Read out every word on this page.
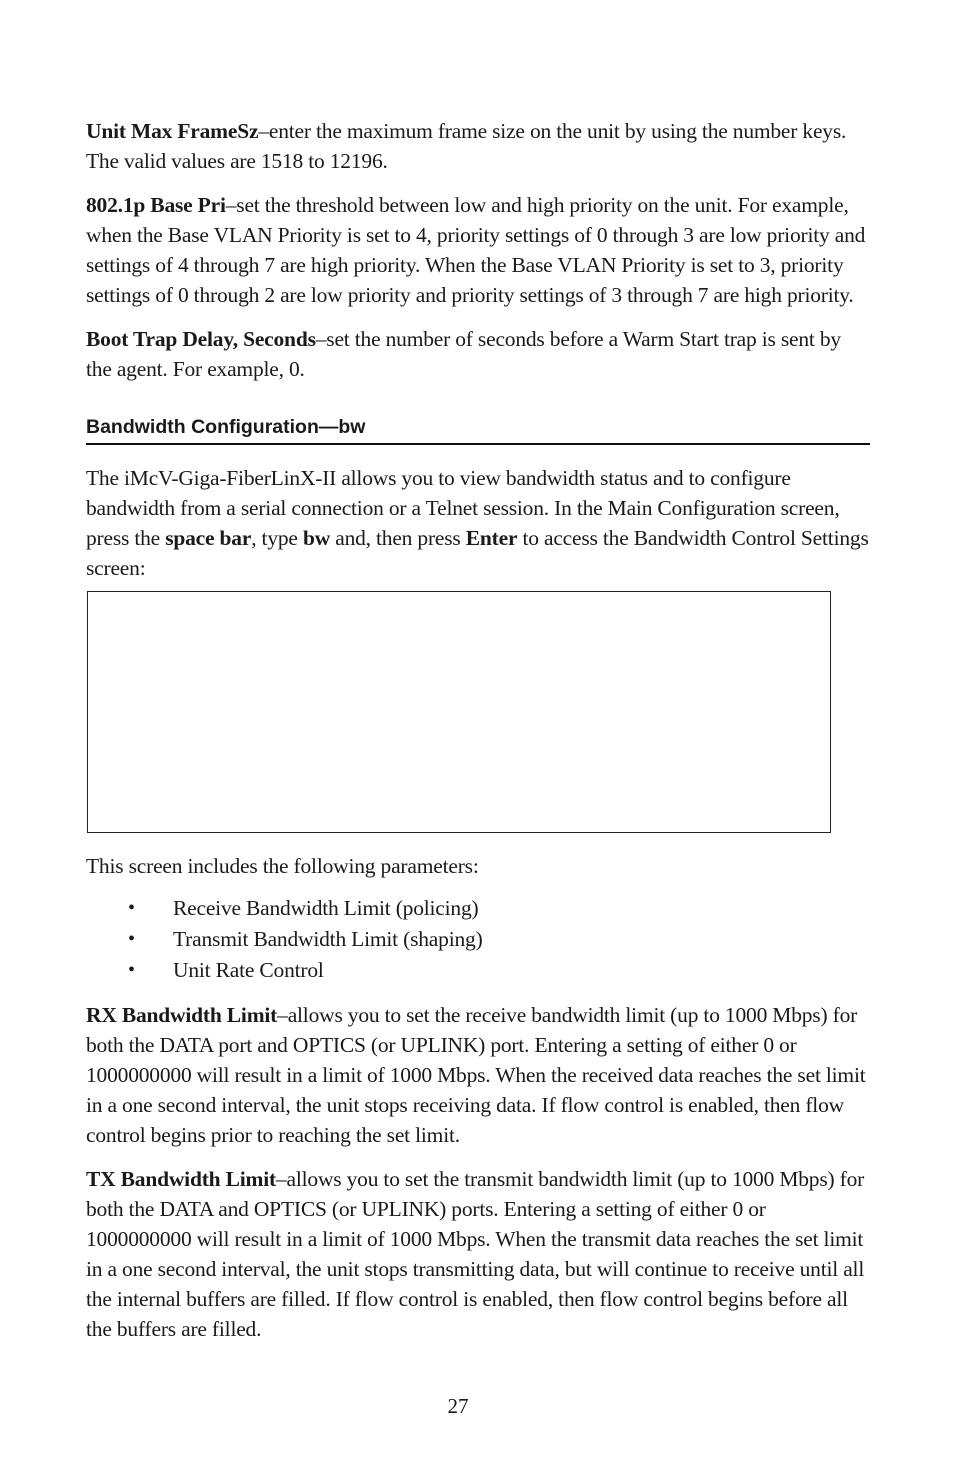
Unit Max FrameSz–enter the maximum frame size on the unit by using the number keys. The valid values are 1518 to 12196.

802.1p Base Pri–set the threshold between low and high priority on the unit. For example, when the Base VLAN Priority is set to 4, priority settings of 0 through 3 are low priority and settings of 4 through 7 are high priority. When the Base VLAN Priority is set to 3, priority settings of 0 through 2 are low priority and priority settings of 3 through 7 are high priority.

Boot Trap Delay, Seconds–set the number of seconds before a Warm Start trap is sent by the agent. For example, 0.

Bandwidth Configuration—bw

The iMcV-Giga-FiberLinX-II allows you to view bandwidth status and to configure bandwidth from a serial connection or a Telnet session. In the Main Configuration screen, press the space bar, type bw and, then press Enter to access the Bandwidth Control Settings screen:

This screen includes the following parameters:

• Receive Bandwidth Limit (policing)
• Transmit Bandwidth Limit (shaping)
• Unit Rate Control

RX Bandwidth Limit–allows you to set the receive bandwidth limit (up to 1000 Mbps) for both the DATA port and OPTICS (or UPLINK) port. Entering a setting of either 0 or 1000000000 will result in a limit of 1000 Mbps. When the received data reaches the set limit in a one second interval, the unit stops receiving data. If flow control is enabled, then flow control begins prior to reaching the set limit.

TX Bandwidth Limit–allows you to set the transmit bandwidth limit (up to 1000 Mbps) for both the DATA and OPTICS (or UPLINK) ports. Entering a setting of either 0 or 1000000000 will result in a limit of 1000 Mbps. When the transmit data reaches the set limit in a one second interval, the unit stops transmitting data, but will continue to receive until all the internal buffers are filled. If flow control is enabled, then flow control begins before all the buffers are filled.

27
